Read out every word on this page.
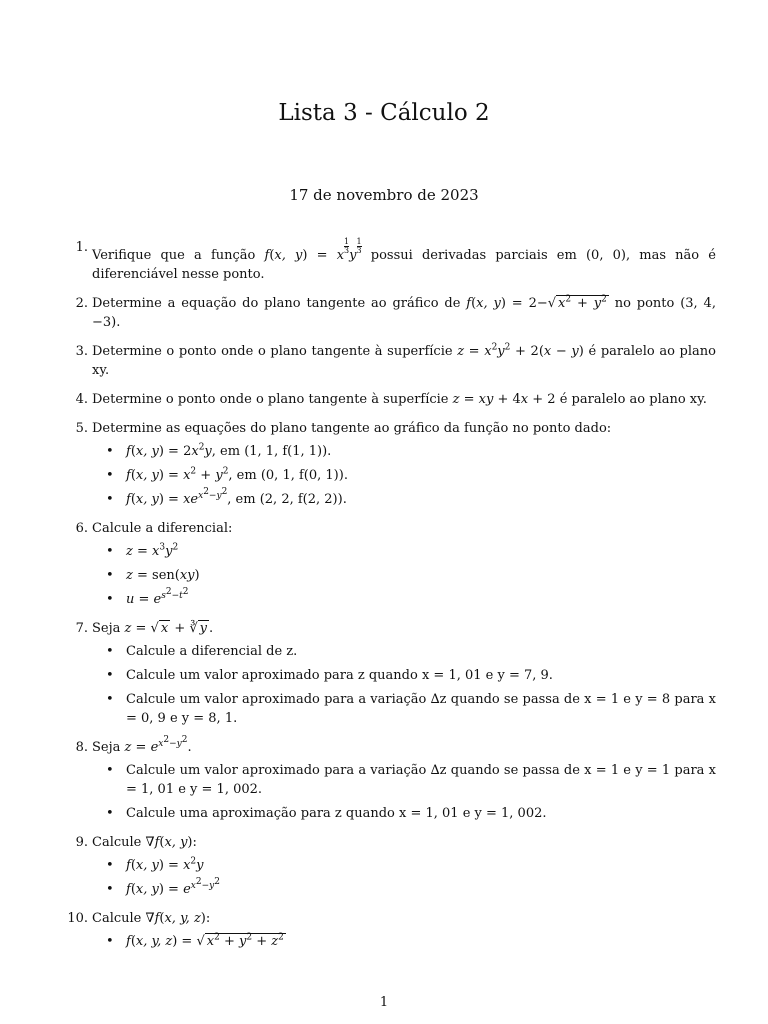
Lista 3 - Cálculo 2

17 de novembro de 2023

1.
Verifique que a função f(x, y) = x
$\frac{1}{3}$
y
$\frac{1}{3}$
possui derivadas parciais em (0, 0), mas não é diferenciável nesse ponto.
2. Determine a equação do plano tangente ao gráfico de f(x, y) = 2−√ $x^2 + y^2$ no ponto (3, 4, −3).
3. Determine o ponto onde o plano tangente à superfície $z = x^2y^2 + 2(x - y)$ é paralelo ao plano xy.
4. Determine o ponto onde o plano tangente à superfície z = xy + 4x + 2 é paralelo ao plano xy.
5. Determine as equações do plano tangente ao gráfico da função no ponto dado:
• f(x, $y) = 2x^2y$, em (1, 1, f(1, 1)).
• f(x, $y) = x^2 + y^2$, em (0, 1, f(0, 1)).
• f(x, $y) = xe^{x^2-y^2}$, em (2, 2, f(2, 2)).
6. Calcule a diferencial:
• $z = x^3y^2$
• z = sen(xy)
• $u = e^{s^2-t^2}$
7. Seja z = √ x + ∛ y .
• Calcule a diferencial de z.
• Calcule um valor aproximado para z quando x = 1, 01 e y = 7, 9.
• Calcule um valor aproximado para a variação ∆z quando se passa de x = 1 e y = 8 para x = 0, 9 e y = 8, 1.
8. Seja $z = e^{x^2-y^2}$.
• Calcule um valor aproximado para a variação ∆z quando se passa de x = 1 e y = 1 para x = 1, 01 e y = 1, 002.
• Calcule uma aproximação para z quando x = 1, 01 e y = 1, 002.
9. Calcule ∇f(x, y):
• f(x, $y) = x^2y$
• f(x, $y) = e^{x^2-y^2}$
10. Calcule ∇f(x, y, z):
• f(x, y, z) = √ $x^2 + y^2 + z^2$
1
